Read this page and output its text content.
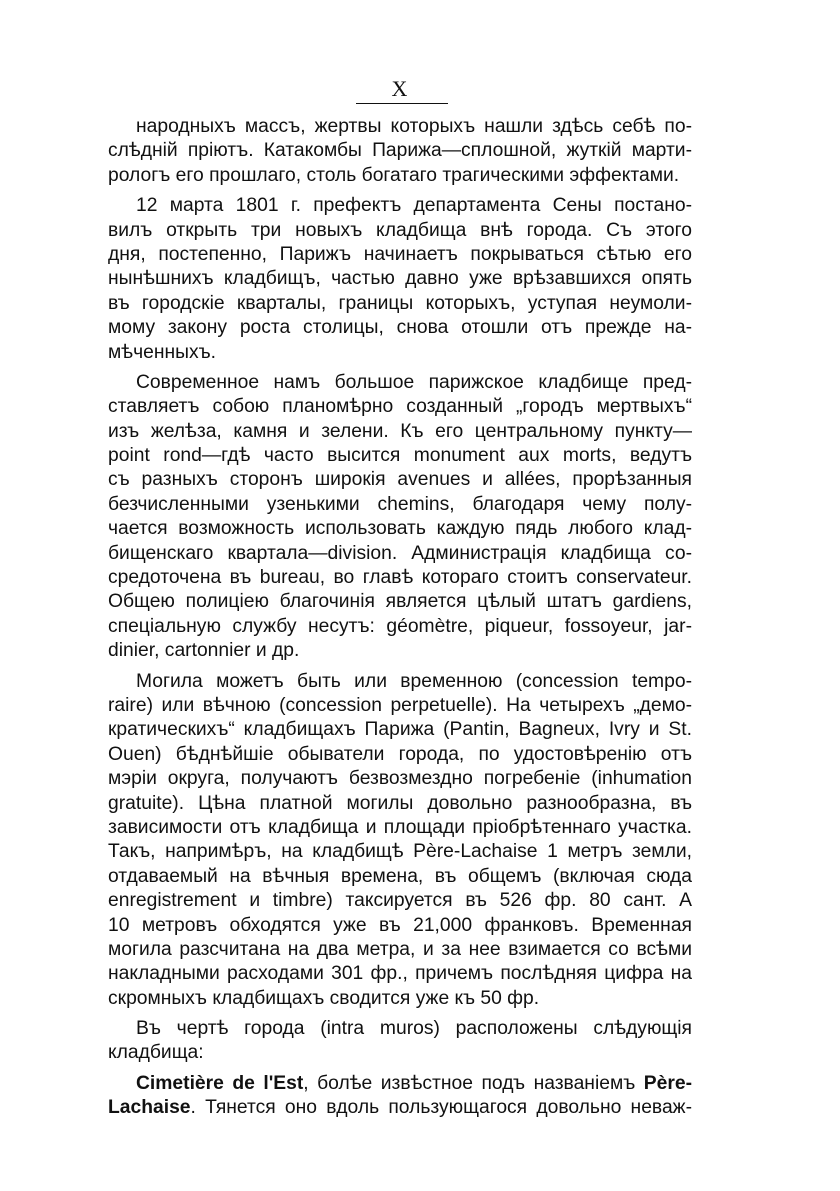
X
народныхъ массъ, жертвы которыхъ нашли здѣсь себѣ по-
слѣдній пріютъ. Катакомбы Парижа—сплошной, жуткій марти-
рологъ его прошлаго, столь богатаго трагическими эффектами.
12 марта 1801 г. префектъ департамента Сены постано-
вилъ открыть три новыхъ кладбища внѣ города. Съ этого
дня, постепенно, Парижъ начинаетъ покрываться сѣтью его
нынѣшнихъ кладбищъ, частью давно уже врѣзавшихся опять
въ городскіе кварталы, границы которыхъ, уступая неумоли-
мому закону роста столицы, снова отошли отъ прежде на-
мѣченныхъ.
Современное намъ большое парижское кладбище пред-
ставляетъ собою планомѣрно созданный „городъ мертвыхъ“
изъ желѣза, камня и зелени. Къ его центральному пункту—
point rond—гдѣ часто высится monument aux morts, ведутъ
съ разныхъ сторонъ широкія avenues и allées, прорѣзанныя
безчисленными узенькими chemins, благодаря чему полу-
чается возможность использовать каждую пядь любого клад-
бищенскаго квартала—division. Администрація кладбища со-
средоточена въ bureau, во главѣ котораго стоитъ conservateur.
Общею полиціею благочинія является цѣлый штатъ gardiens,
спеціальную службу несутъ: géomètre, piqueur, fossoyeur, jar-
dinier, cartonnier и др.
Могила можетъ быть или временною (concession tempo-
raire) или вѣчною (concession perpetuelle). На четырехъ „демо-
кратическихъ“ кладбищахъ Парижа (Pantin, Bagneux, Ivry и St.
Ouen) бѣднѣйшіе обыватели города, по удостовѣренію отъ
мэріи округа, получаютъ безвозмездно погребеніе (inhumation
gratuite). Цѣна платной могилы довольно разнообразна, въ
зависимости отъ кладбища и площади пріобрѣтеннаго участка.
Такъ, напримѣръ, на кладбищѣ Père-Lachaise 1 метръ земли,
отдаваемый на вѣчныя времена, въ общемъ (включая сюда
enregistrement и timbre) таксируется въ 526 фр. 80 сант. А
10 метровъ обходятся уже въ 21,000 франковъ. Временная
могила разсчитана на два метра, и за нее взимается со всѣми
накладными расходами 301 фр., причемъ послѣдняя цифра на
скромныхъ кладбищахъ сводится уже къ 50 фр.
Въ чертѣ города (intra muros) расположены слѣдующія
кладбища:
Cimetière de l'Est, болѣе извѣстное подъ названіемъ Père-
Lachaise. Тянется оно вдоль пользующагося довольно неваж-
